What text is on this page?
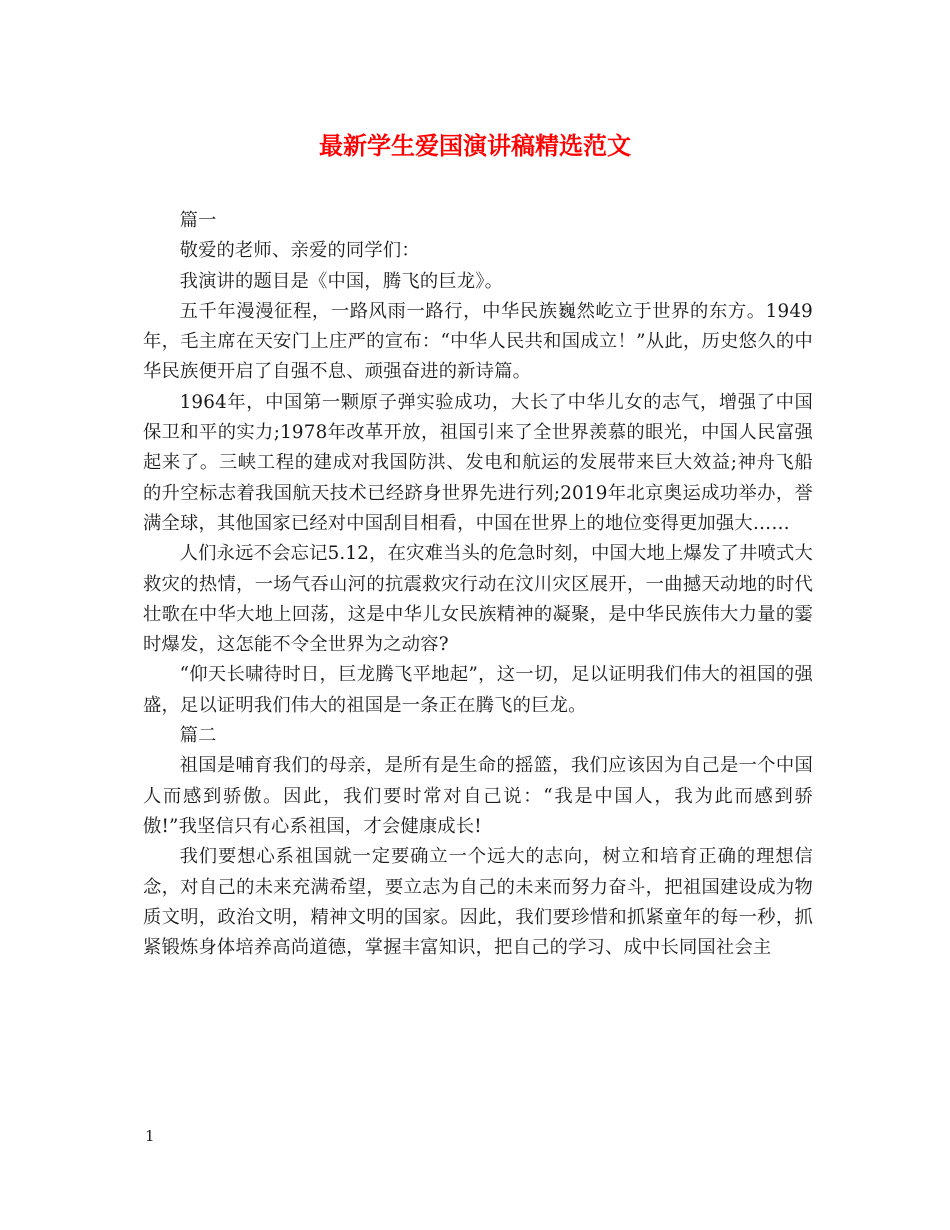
最新学生爱国演讲稿精选范文

篇一

敬爱的老师、亲爱的同学们：

我演讲的题目是《中国，腾飞的巨龙》。

五千年漫漫征程，一路风雨一路行，中华民族巍然屹立于世界的东方。1949年，毛主席在天安门上庄严的宣布：“中华人民共和国成立！”从此，历史悠久的中华民族便开启了自强不息、顽强奋进的新诗篇。

1964年，中国第一颗原子弹实验成功，大长了中华儿女的志气，增强了中国保卫和平的实力;1978年改革开放，祖国引来了全世界羡慕的眼光，中国人民富强起来了。三峡工程的建成对我国防洪、发电和航运的发展带来巨大效益;神舟飞船的升空标志着我国航天技术已经跻身世界先进行列;2019年北京奥运成功举办，誉满全球，其他国家已经对中国刮目相看，中国在世界上的地位变得更加强大……

人们永远不会忘记5.12，在灾难当头的危急时刻，中国大地上爆发了井喷式大救灾的热情，一场气吞山河的抗震救灾行动在汶川灾区展开，一曲撼天动地的时代壮歌在中华大地上回荡，这是中华儿女民族精神的凝聚，是中华民族伟大力量的霎时爆发，这怎能不令全世界为之动容?

“仰天长啸待时日，巨龙腾飞平地起”，这一切，足以证明我们伟大的祖国的强盛，足以证明我们伟大的祖国是一条正在腾飞的巨龙。

篇二

祖国是哺育我们的母亲，是所有是生命的摇篮，我们应该因为自己是一个中国人而感到骄傲。因此，我们要时常对自己说：“我是中国人，我为此而感到骄傲!”我坚信只有心系祖国，才会健康成长!

我们要想心系祖国就一定要确立一个远大的志向，树立和培育正确的理想信念，对自己的未来充满希望，要立志为自己的未来而努力奋斗，把祖国建设成为物质文明，政治文明，精神文明的国家。因此，我们要珍惜和抓紧童年的每一秒，抓紧锻炼身体培养高尚道德，掌握丰富知识，把自己的学习、成中长同国社会主

1
